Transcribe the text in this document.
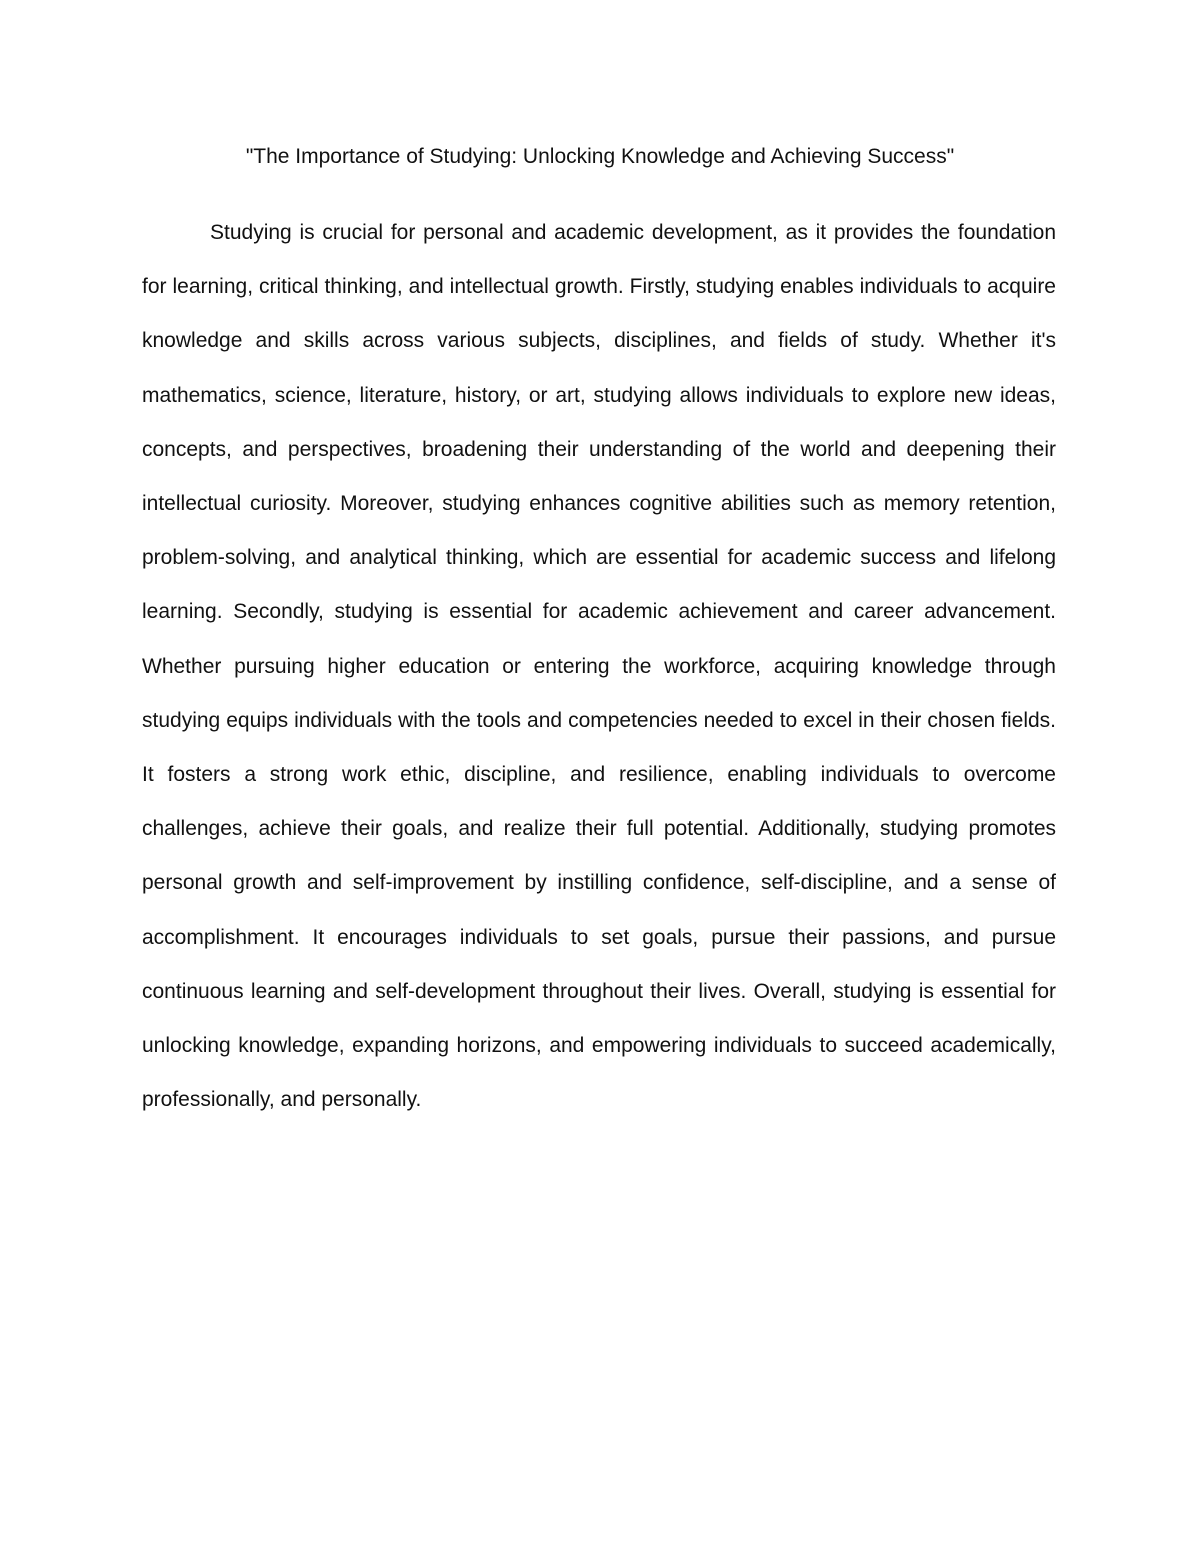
"The Importance of Studying: Unlocking Knowledge and Achieving Success"

Studying is crucial for personal and academic development, as it provides the foundation for learning, critical thinking, and intellectual growth. Firstly, studying enables individuals to acquire knowledge and skills across various subjects, disciplines, and fields of study. Whether it's mathematics, science, literature, history, or art, studying allows individuals to explore new ideas, concepts, and perspectives, broadening their understanding of the world and deepening their intellectual curiosity. Moreover, studying enhances cognitive abilities such as memory retention, problem-solving, and analytical thinking, which are essential for academic success and lifelong learning. Secondly, studying is essential for academic achievement and career advancement. Whether pursuing higher education or entering the workforce, acquiring knowledge through studying equips individuals with the tools and competencies needed to excel in their chosen fields. It fosters a strong work ethic, discipline, and resilience, enabling individuals to overcome challenges, achieve their goals, and realize their full potential. Additionally, studying promotes personal growth and self-improvement by instilling confidence, self-discipline, and a sense of accomplishment. It encourages individuals to set goals, pursue their passions, and pursue continuous learning and self-development throughout their lives. Overall, studying is essential for unlocking knowledge, expanding horizons, and empowering individuals to succeed academically, professionally, and personally.
